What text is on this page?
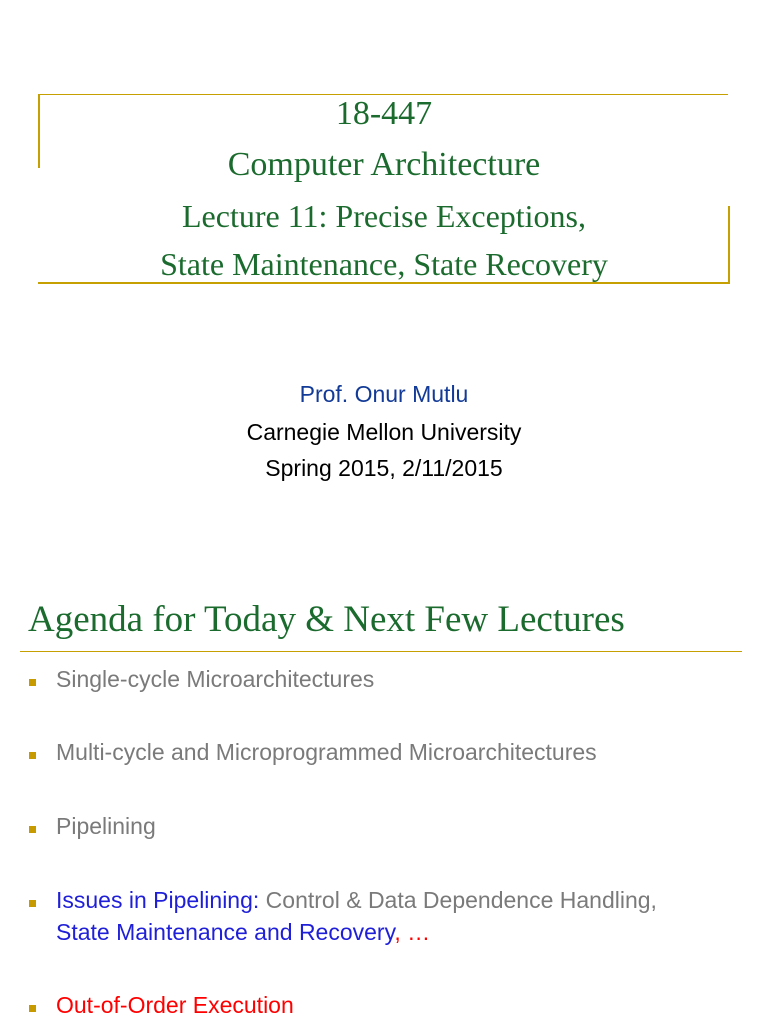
18-447
Computer Architecture
Lecture 11: Precise Exceptions,
State Maintenance, State Recovery
Prof. Onur Mutlu
Carnegie Mellon University
Spring 2015, 2/11/2015
Agenda for Today & Next Few Lectures
Single-cycle Microarchitectures
Multi-cycle and Microprogrammed Microarchitectures
Pipelining
Issues in Pipelining: Control & Data Dependence Handling,
State Maintenance and Recovery, …
Out-of-Order Execution
